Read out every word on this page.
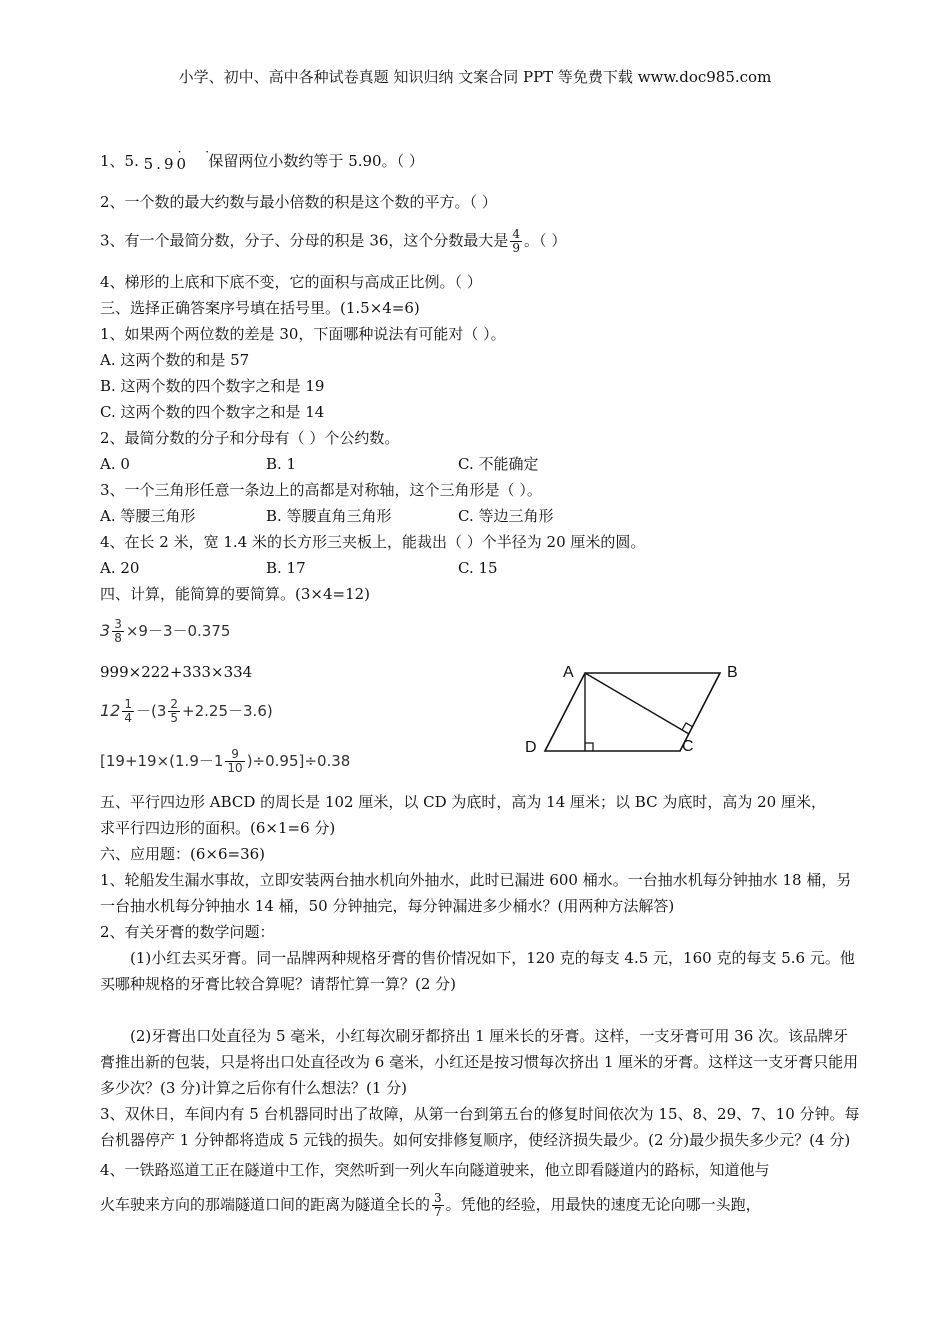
小学、初中、高中各种试卷真题 知识归纳 文案合同 PPT 等免费下载 www.doc985.com
1、5.	· ·
5.90 保留两位小数约等于 5.90。（ ）
2、一个数的最大约数与最小倍数的积是这个数的平方。（ ）
3、有一个最简分数，分子、分母的积是 36，这个分数最大是 $\frac{4}{9}$ 。（ ）
4、梯形的上底和下底不变，它的面积与高成正比例。（ ）
三、选择正确答案序号填在括号里。(1.5×4=6)
1、如果两个两位数的差是 30，下面哪种说法有可能对（ ）。
A. 这两个数的和是 57
B. 这两个数的四个数字之和是 19
C. 这两个数的四个数字之和是 14
2、最简分数的分子和分母有（ ）个公约数。
A. 0	B. 1	C. 不能确定
3、一个三角形任意一条边上的高都是对称轴，这个三角形是（ ）。
A. 等腰三角形	B. 等腰直角三角形	C. 等边三角形
4、在长 2 米，宽 1.4 米的长方形三夹板上，能裁出（ ）个半径为 20 厘米的圆。
A. 20	B. 17	C. 15
四、计算，能简算的要简算。(3×4=12)
$3 \frac{3}{8} \times 9-3-0.375$
999×222+333×334
$12 \frac{1}{4} -(3 \frac{2}{5} +2.25-3.6)$
$[19+19\times(1.9-1 \frac{9}{10} )\div 0.95]\div 0.38$
A	B
C
D
五、平行四边形 ABCD 的周长是 102 厘米，以 CD 为底时，高为 14 厘米；以 BC 为底时，高为 20 厘米，
求平行四边形的面积。(6×1=6 分)
六、应用题：(6×6=36)
1、轮船发生漏水事故，立即安装两台抽水机向外抽水，此时已漏进 600 桶水。一台抽水机每分钟抽水 18 桶，另一台抽水机每分钟抽水 14 桶，50 分钟抽完，每分钟漏进多少桶水？(用两种方法解答)
2、有关牙膏的数学问题：
(1)小红去买牙膏。同一品牌两种规格牙膏的售价情况如下，120 克的每支 4.5 元，160 克的每支 5.6 元。他买哪种规格的牙膏比较合算呢？请帮忙算一算？(2 分)
(2)牙膏出口处直径为 5 毫米，小红每次刷牙都挤出 1 厘米长的牙膏。这样，一支牙膏可用 36 次。该品牌牙膏推出新的包装，只是将出口处直径改为 6 毫米，小红还是按习惯每次挤出 1 厘米的牙膏。这样这一支牙膏只能用多少次？(3 分)计算之后你有什么想法？(1 分)
3、双休日，车间内有 5 台机器同时出了故障，从第一台到第五台的修复时间依次为 15、8、29、7、10 分钟。每台机器停产 1 分钟都将造成 5 元钱的损失。如何安排修复顺序，使经济损失最少。(2 分)最少损失多少元？(4 分)
4、一铁路巡道工正在隧道中工作，突然听到一列火车向隧道驶来，他立即看隧道内的路标，知道他与
火车驶来方向的那端隧道口间的距离为隧道全长的 $\frac{3}{7}$ 。凭他的经验，用最快的速度无论向哪一头跑，
